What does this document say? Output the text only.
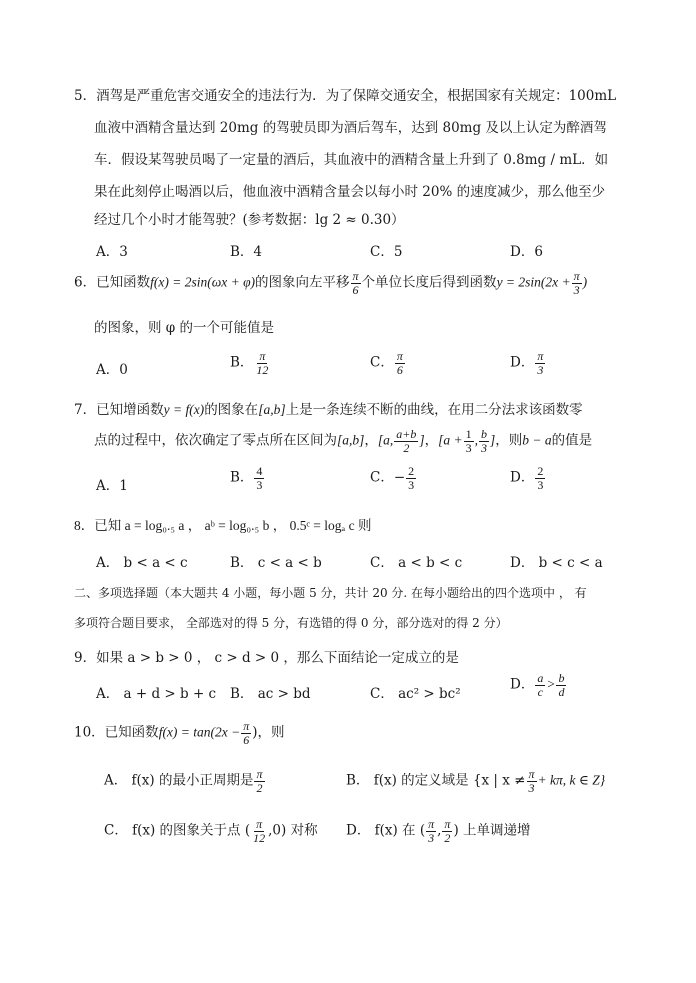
5．酒驾是严重危害交通安全的违法行为．为了保障交通安全，根据国家有关规定：100mL
血液中酒精含量达到 20mg 的驾驶员即为酒后驾车，达到 80mg 及以上认定为醉酒驾
车．假设某驾驶员喝了一定量的酒后，其血液中的酒精含量上升到了 0.8mg / mL．如
果在此刻停止喝酒以后，他血液中酒精含量会以每小时 20% 的速度减少，那么他至少
经过几个小时才能驾驶？(参考数据：lg 2 ≈ 0.30）
A．3	B．4	C．5	D．6
6．已知函数f(x) = 2sin(ωx + φ)的图象向左平移 $\frac{\pi}{6}$ 个单位长度后得到函数$y = 2\sin(2x + \frac{\pi}{3}$ )
的图象，则 φ 的一个可能值是
A．0	B． $\frac{\pi}{12}$	C． $\frac{\pi}{6}$	D． $\frac{\pi}{3}$
7．已知增函数y = f(x)的图象在[a,b]上是一条连续不断的曲线，在用二分法求该函数零
点的过程中，依次确定了零点所在区间为[a,b]，[a, $\frac{a+b}{2}$ ]，[$a + \frac{1}{3}$ , $\frac{b}{3}$ ]，则b − a的值是
A．1
B． $\frac{4}{3}$	C．− $\frac{2}{3}$	D． $\frac{2}{3}$
8．已知 a = log₀.₅ a ， aᵇ = log₀.₅ b ， 0.5ᶜ = logₐ c 则
A． b < a < c	B． c < a < b	C． a < b < c	D． b < c < a
二、多项选择题（本大题共 4 小题，每小题 5 分，共计 20 分. 在每小题给出的四个选项中 ， 有
多项符合题目要求， 全部选对的得 5 分，有选错的得 0 分，部分选对的得 2 分）
9．如果 a > b > 0 ， c > d > 0 ，那么下面结论一定成立的是
A． a + d > b + c B． ac > bd	C． ac² > bc²
D． $\frac{a}{c} > \frac{b}{d}$
10．已知函数$f(x) = \tan(2x - \frac{\pi}{6}$ )，则
A． f(x) 的最小正周期是 $\frac{\pi}{2}$	B． f(x) 的定义域是 {x | $x \ne \frac{\pi}{3} + k\pi$, k ∈ Z}
C． f(x) 的图象关于点 ( $\frac{\pi}{12} ,0$) 对称 D． f(x) 在 ( $\frac{\pi}{3}$ , $\frac{\pi}{2}$ ) 上单调递增
